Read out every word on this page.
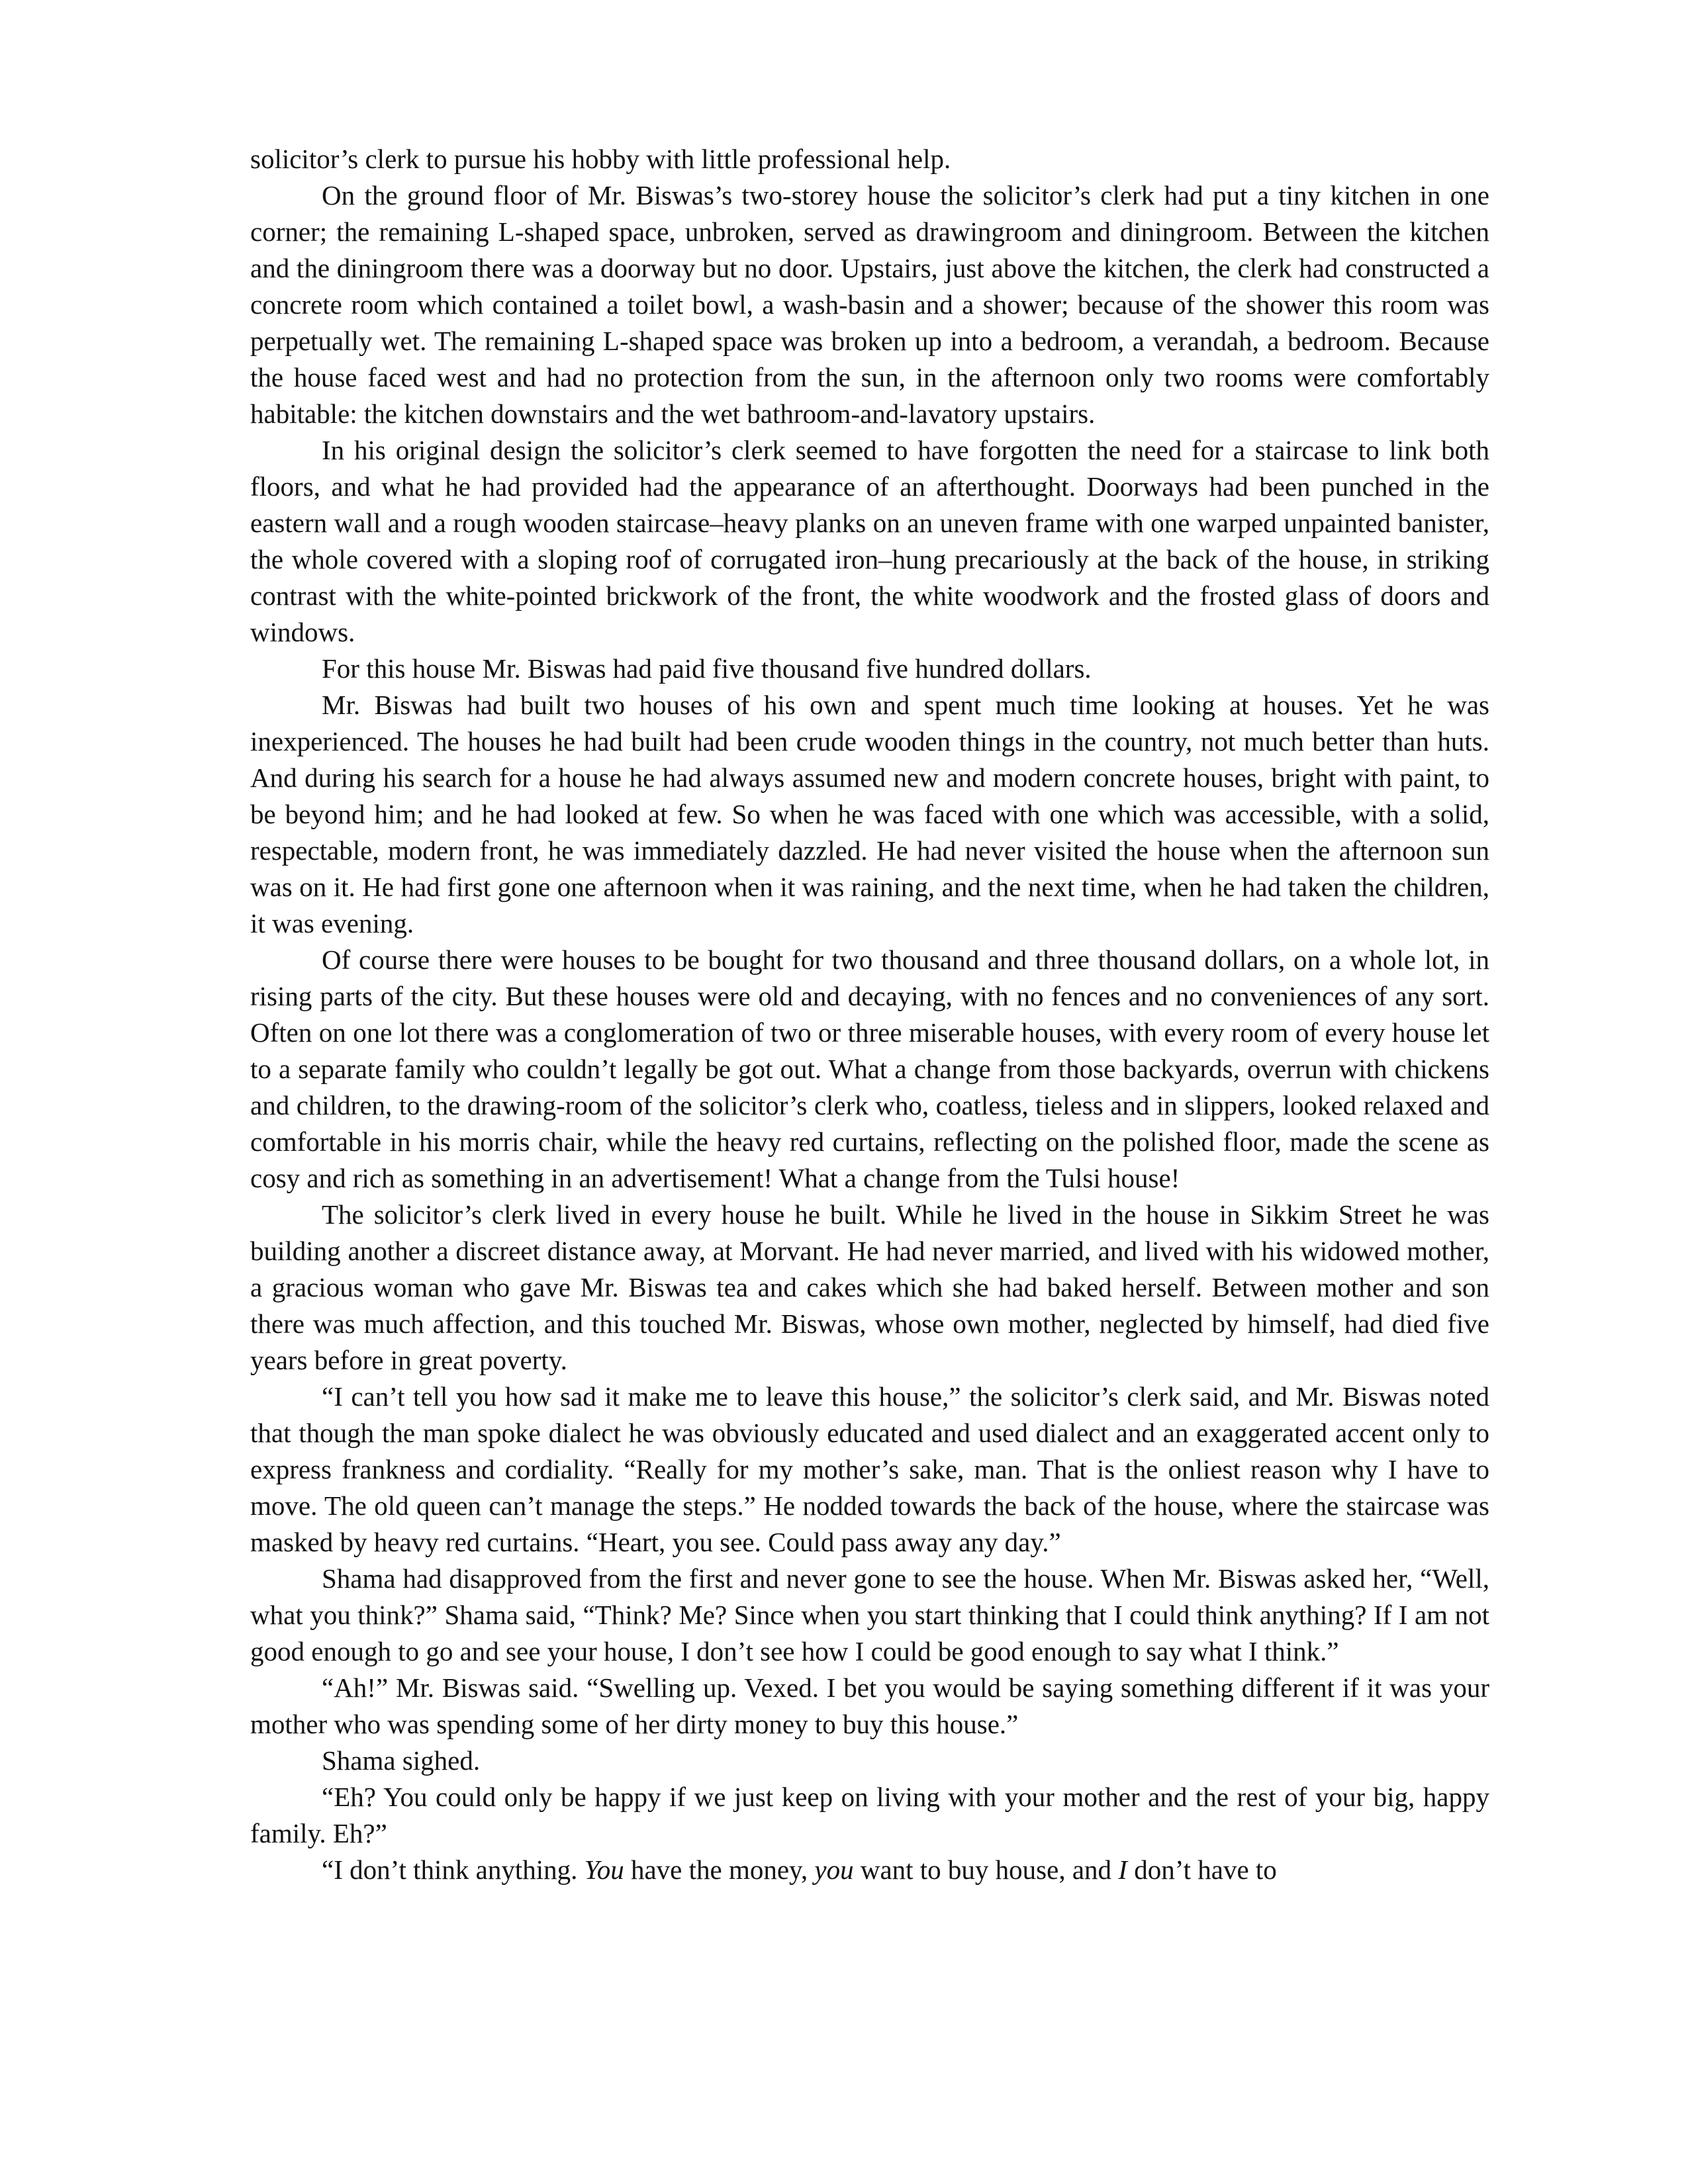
solicitor’s clerk to pursue his hobby with little professional help.

On the ground floor of Mr. Biswas’s two-storey house the solicitor’s clerk had put a tiny kitchen in one corner; the remaining L-shaped space, unbroken, served as drawingroom and diningroom. Between the kitchen and the diningroom there was a doorway but no door. Upstairs, just above the kitchen, the clerk had constructed a concrete room which contained a toilet bowl, a wash-basin and a shower; because of the shower this room was perpetually wet. The remaining L-shaped space was broken up into a bedroom, a verandah, a bedroom. Because the house faced west and had no protection from the sun, in the afternoon only two rooms were comfortably habitable: the kitchen downstairs and the wet bathroom-and-lavatory upstairs.

In his original design the solicitor’s clerk seemed to have forgotten the need for a staircase to link both floors, and what he had provided had the appearance of an afterthought. Doorways had been punched in the eastern wall and a rough wooden staircase–heavy planks on an uneven frame with one warped unpainted banister, the whole covered with a sloping roof of corrugated iron–hung precariously at the back of the house, in striking contrast with the white-pointed brickwork of the front, the white woodwork and the frosted glass of doors and windows.

For this house Mr. Biswas had paid five thousand five hundred dollars.

Mr. Biswas had built two houses of his own and spent much time looking at houses. Yet he was inexperienced. The houses he had built had been crude wooden things in the country, not much better than huts. And during his search for a house he had always assumed new and modern concrete houses, bright with paint, to be beyond him; and he had looked at few. So when he was faced with one which was accessible, with a solid, respectable, modern front, he was immediately dazzled. He had never visited the house when the afternoon sun was on it. He had first gone one afternoon when it was raining, and the next time, when he had taken the children, it was evening.

Of course there were houses to be bought for two thousand and three thousand dollars, on a whole lot, in rising parts of the city. But these houses were old and decaying, with no fences and no conveniences of any sort. Often on one lot there was a conglomeration of two or three miserable houses, with every room of every house let to a separate family who couldn’t legally be got out. What a change from those backyards, overrun with chickens and children, to the drawing-room of the solicitor’s clerk who, coatless, tieless and in slippers, looked relaxed and comfortable in his morris chair, while the heavy red curtains, reflecting on the polished floor, made the scene as cosy and rich as something in an advertisement! What a change from the Tulsi house!

The solicitor’s clerk lived in every house he built. While he lived in the house in Sikkim Street he was building another a discreet distance away, at Morvant. He had never married, and lived with his widowed mother, a gracious woman who gave Mr. Biswas tea and cakes which she had baked herself. Between mother and son there was much affection, and this touched Mr. Biswas, whose own mother, neglected by himself, had died five years before in great poverty.

“I can’t tell you how sad it make me to leave this house,” the solicitor’s clerk said, and Mr. Biswas noted that though the man spoke dialect he was obviously educated and used dialect and an exaggerated accent only to express frankness and cordiality. “Really for my mother’s sake, man. That is the onliest reason why I have to move. The old queen can’t manage the steps.” He nodded towards the back of the house, where the staircase was masked by heavy red curtains. “Heart, you see. Could pass away any day.”

Shama had disapproved from the first and never gone to see the house. When Mr. Biswas asked her, “Well, what you think?” Shama said, “Think? Me? Since when you start thinking that I could think anything? If I am not good enough to go and see your house, I don’t see how I could be good enough to say what I think.”

“Ah!” Mr. Biswas said. “Swelling up. Vexed. I bet you would be saying something different if it was your mother who was spending some of her dirty money to buy this house.”

Shama sighed.

“Eh? You could only be happy if we just keep on living with your mother and the rest of your big, happy family. Eh?”

“I don’t think anything. You have the money, you want to buy house, and I don’t have to
